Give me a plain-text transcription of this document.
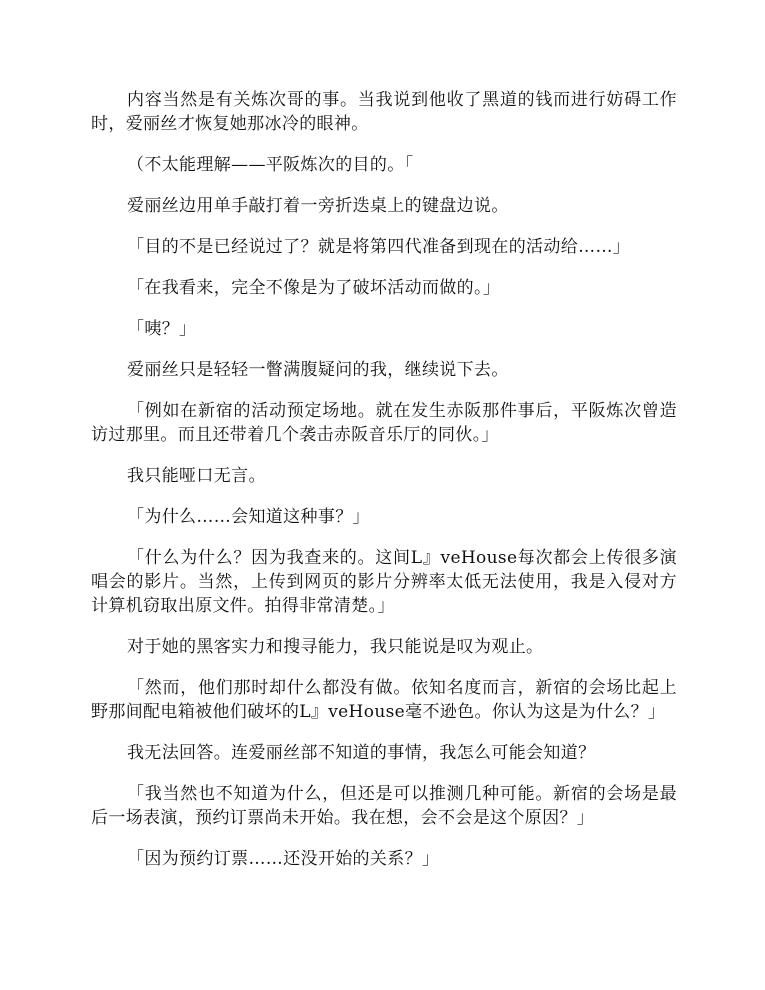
内容当然是有关炼次哥的事。当我说到他收了黑道的钱而进行妨碍工作时，爱丽丝才恢复她那冰冷的眼神。

（不太能理解——平阪炼次的目的。「

爱丽丝边用单手敲打着一旁折迭桌上的键盘边说。

「目的不是已经说过了？就是将第四代准备到现在的活动给……」

「在我看来，完全不像是为了破坏活动而做的。」

「咦？」

爱丽丝只是轻轻一瞥满腹疑问的我，继续说下去。

「例如在新宿的活动预定场地。就在发生赤阪那件事后，平阪炼次曾造访过那里。而且还带着几个袭击赤阪音乐厅的同伙。」

我只能哑口无言。

「为什么……会知道这种事？」

「什么为什么？因为我查来的。这间L』veHouse每次都会上传很多演唱会的影片。当然，上传到网页的影片分辨率太低无法使用，我是入侵对方计算机窃取出原文件。拍得非常清楚。」

对于她的黑客实力和搜寻能力，我只能说是叹为观止。

「然而，他们那时却什么都没有做。依知名度而言，新宿的会场比起上野那间配电箱被他们破坏的L』veHouse毫不逊色。你认为这是为什么？」

我无法回答。连爱丽丝部不知道的事情，我怎么可能会知道？

「我当然也不知道为什么，但还是可以推测几种可能。新宿的会场是最后一场表演，预约订票尚未开始。我在想，会不会是这个原因？」

「因为预约订票……还没开始的关系？」
